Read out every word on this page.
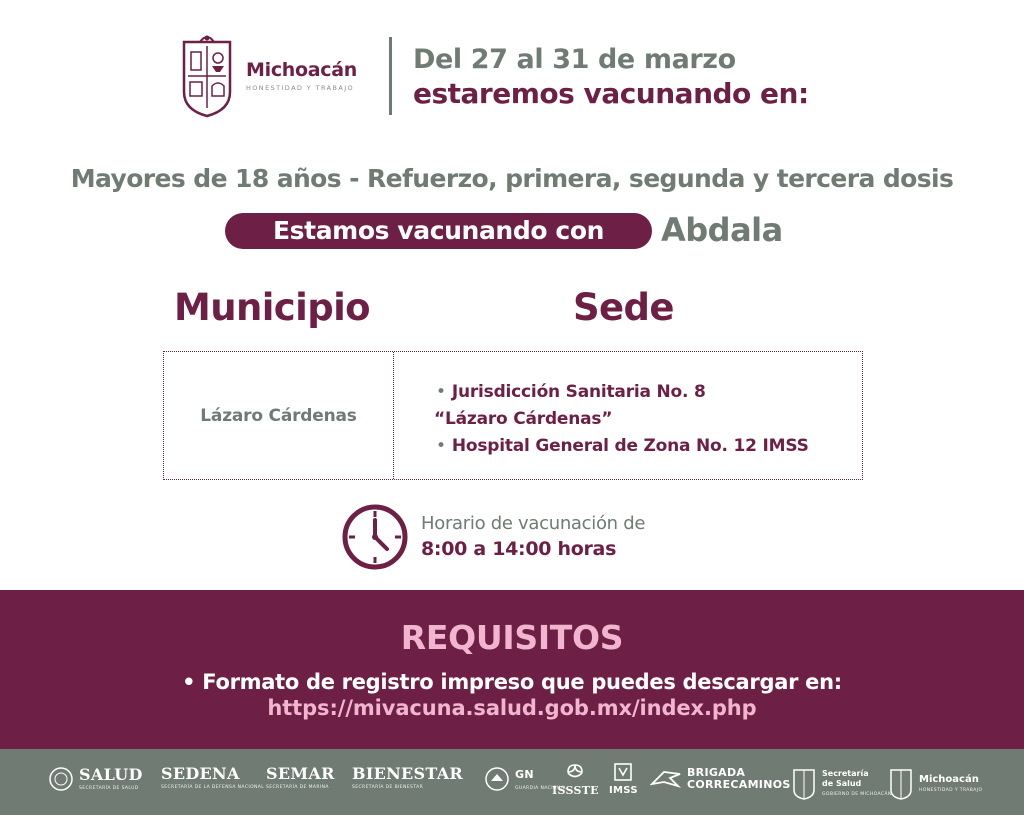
Michoacán
HONESTIDAD Y TRABAJO
Del 27 al 31 de marzo
estaremos vacunando en:
Mayores de 18 años - Refuerzo, primera, segunda y tercera dosis
Estamos vacunando con	Abdala
Municipio	Sede
Lázaro Cárdenas
• Jurisdicción Sanitaria No. 8
“Lázaro Cárdenas”
• Hospital General de Zona No. 12 IMSS
Horario de vacunación de
8:00 a 14:00 horas
REQUISITOS
• Formato de registro impreso que puedes descargar en:
https://mivacuna.salud.gob.mx/index.php
SALUD
SECRETARÍA DE SALUD
SEDENA
SECRETARÍA DE LA DEFENSA NACIONAL
SEMAR
SECRETARÍA DE MARINA
BIENESTAR
SECRETARÍA DE BIENESTAR
GN
GUARDIA NACIONAL
ISSSTE IMSS
BRIGADA
CORRECAMINOS
Secretaría
de Salud
GOBIERNO DE MICHOACÁN
Michoacán
HONESTIDAD Y TRABAJO
